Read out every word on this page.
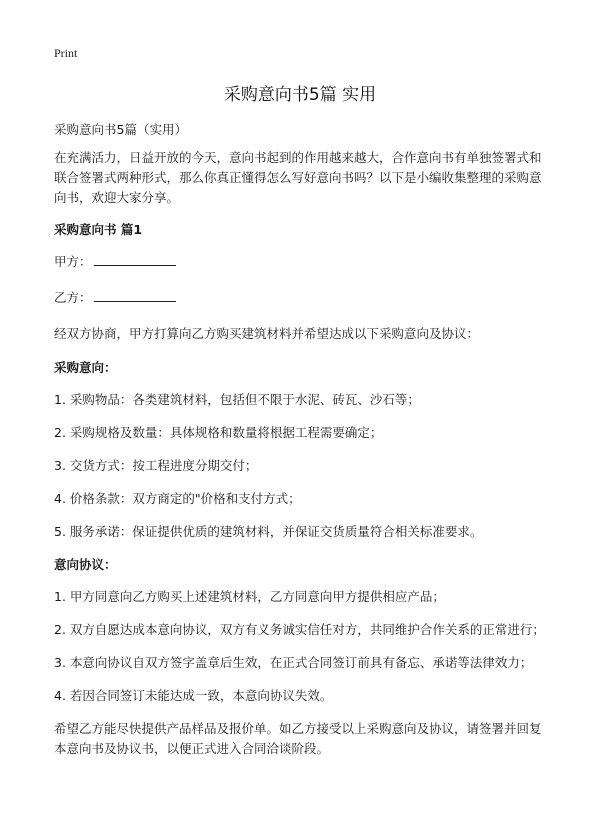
Print
采购意向书5篇 实用

采购意向书5篇（实用）

在充满活力，日益开放的今天，意向书起到的作用越来越大，合作意向书有单独签署式和联合签署式两种形式，那么你真正懂得怎么写好意向书吗？以下是小编收集整理的采购意向书，欢迎大家分享。

采购意向书 篇1

甲方：

乙方：

经双方协商，甲方打算向乙方购买建筑材料并希望达成以下采购意向及协议：

采购意向：

1. 采购物品：各类建筑材料，包括但不限于水泥、砖瓦、沙石等；

2. 采购规格及数量：具体规格和数量将根据工程需要确定；

3. 交货方式：按工程进度分期交付；

4. 价格条款：双方商定的"价格和支付方式；

5. 服务承诺：保证提供优质的建筑材料，并保证交货质量符合相关标准要求。

意向协议：

1. 甲方同意向乙方购买上述建筑材料，乙方同意向甲方提供相应产品；

2. 双方自愿达成本意向协议，双方有义务诚实信任对方，共同维护合作关系的正常进行；

3. 本意向协议自双方签字盖章后生效，在正式合同签订前具有备忘、承诺等法律效力；

4. 若因合同签订未能达成一致，本意向协议失效。

希望乙方能尽快提供产品样品及报价单。如乙方接受以上采购意向及协议，请签署并回复本意向书及协议书，以便正式进入合同洽谈阶段。
